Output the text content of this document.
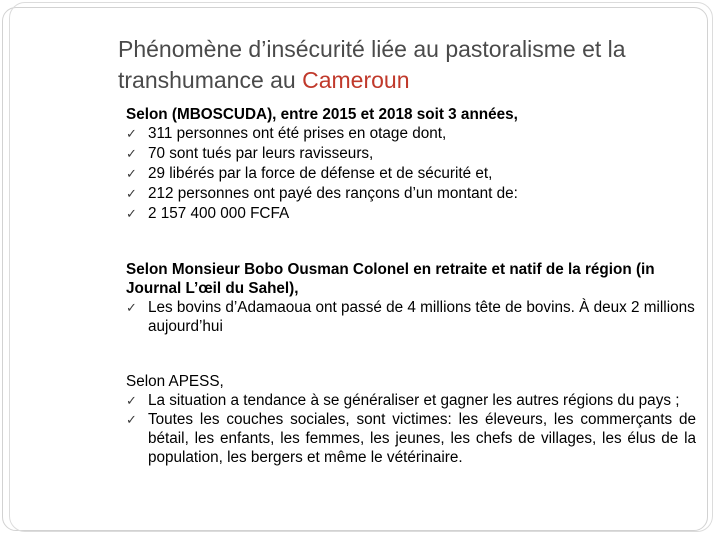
Phénomène d’insécurité liée au pastoralisme et la transhumance au Cameroun

Selon (MBOSCUDA), entre 2015 et 2018 soit 3 années,

✓ 311 personnes ont été prises en otage dont,
✓ 70 sont tués par leurs ravisseurs,
✓ 29 libérés par la force de défense et de sécurité et,
✓ 212 personnes ont payé des rançons d’un montant de:
✓ 2 157 400 000 FCFA

Selon Monsieur Bobo Ousman Colonel en retraite et natif de la région (in Journal L’œil du Sahel),

✓ Les bovins d’Adamaoua ont passé de 4 millions tête de bovins. À deux 2 millions aujourd’hui

Selon APESS,

✓ La situation a tendance à se généraliser et gagner les autres régions du pays ;
✓ Toutes les couches sociales, sont victimes: les éleveurs, les commerçants de bétail, les enfants, les femmes, les jeunes, les chefs de villages, les élus de la population, les bergers et même le vétérinaire.
